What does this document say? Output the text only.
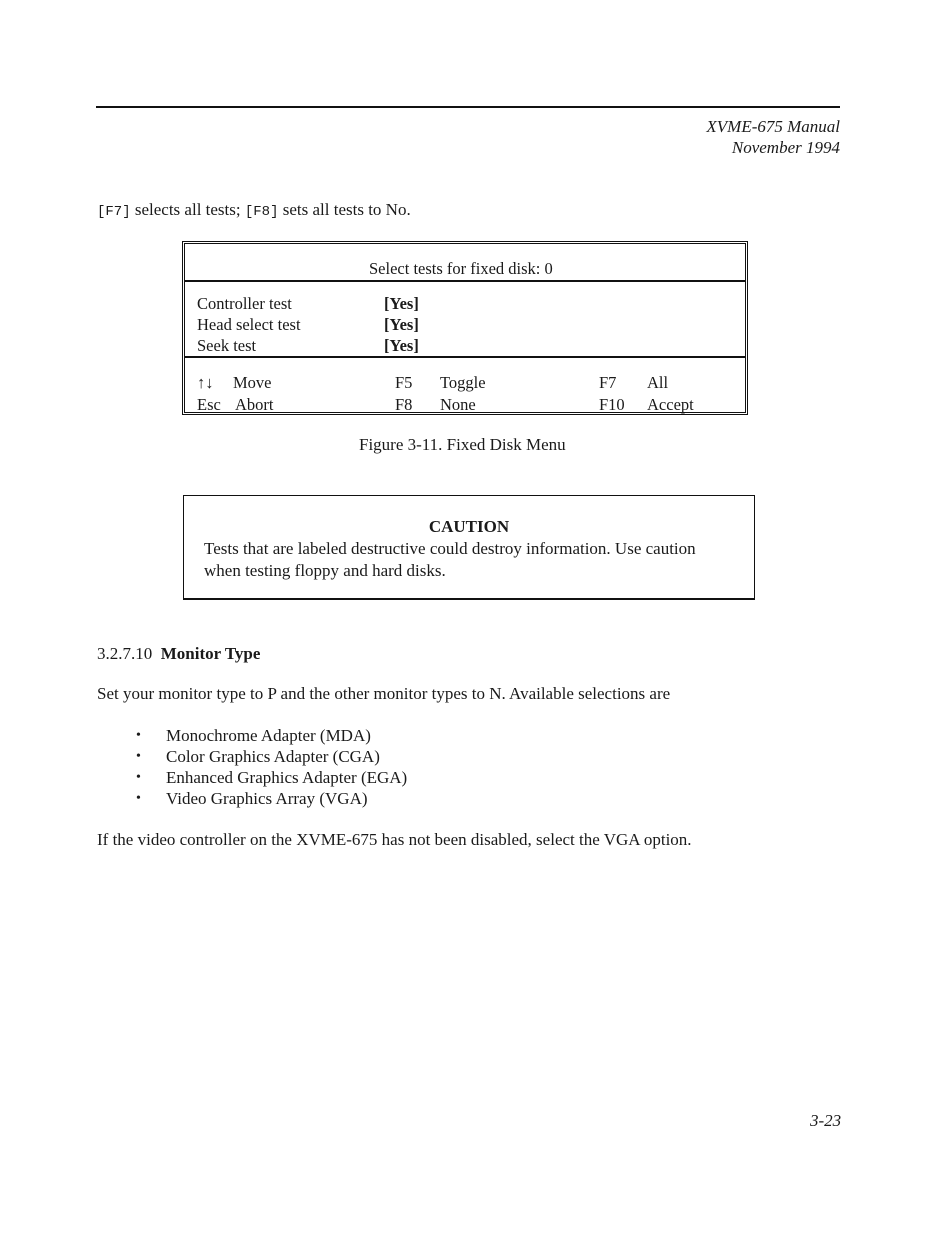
XVME-675 Manual
November 1994
[F7] selects all tests; [F8] sets all tests to No.
Select tests for fixed disk: 0
Controller test	[Yes]
Head select test	[Yes]
Seek test	[Yes]
↑↓ Move	F5 Toggle	F7 All
Esc Abort	F8 None	F10 Accept
Figure 3-11. Fixed Disk Menu
CAUTION
Tests that are labeled destructive could destroy information. Use caution
when testing floppy and hard disks.
3.2.7.10 Monitor Type
Set your monitor type to P and the other monitor types to N. Available selections are
• Monochrome Adapter (MDA)
• Color Graphics Adapter (CGA)
• Enhanced Graphics Adapter (EGA)
• Video Graphics Array (VGA)
If the video controller on the XVME-675 has not been disabled, select the VGA option.
3-23
